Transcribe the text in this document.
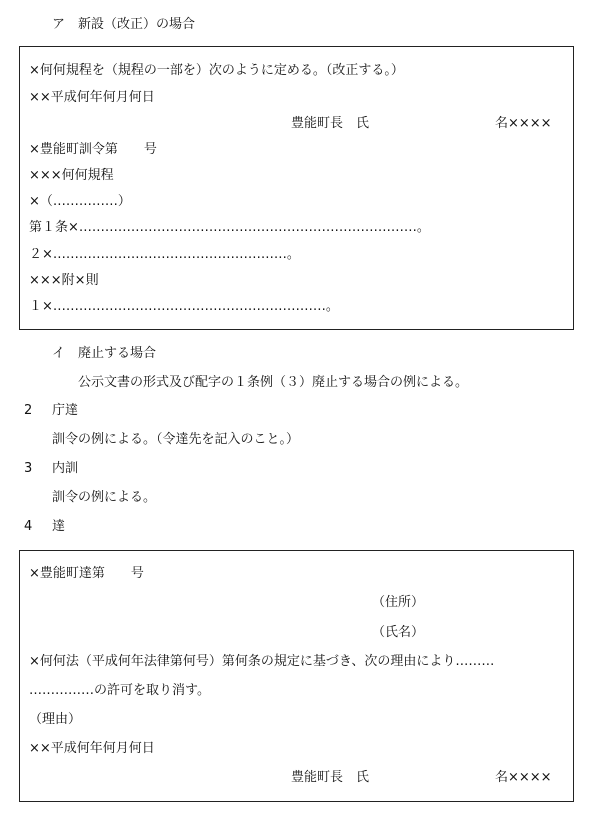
ア　新設（改正）の場合
×何何規程を（規程の一部を）次のように定める。（改正する。）
××平成何年何月何日
豊能町長　氏	名××××
×豊能町訓令第　　号
×××何何規程
×（……………）
第１条×……………………………………………………………………。
２×………………………………………………。
×××附×則
１×………………………………………………………。
イ　廃止する場合
公示文書の形式及び配字の１条例（３）廃止する場合の例による。
2 庁達
訓令の例による。（令達先を記入のこと。）
3 内訓
訓令の例による。
4 達
×豊能町達第　　号
（住所）
（氏名）
×何何法（平成何年法律第何号）第何条の規定に基づき、次の理由により………
……………の許可を取り消す。
（理由）
××平成何年何月何日
豊能町長　氏	名××××
